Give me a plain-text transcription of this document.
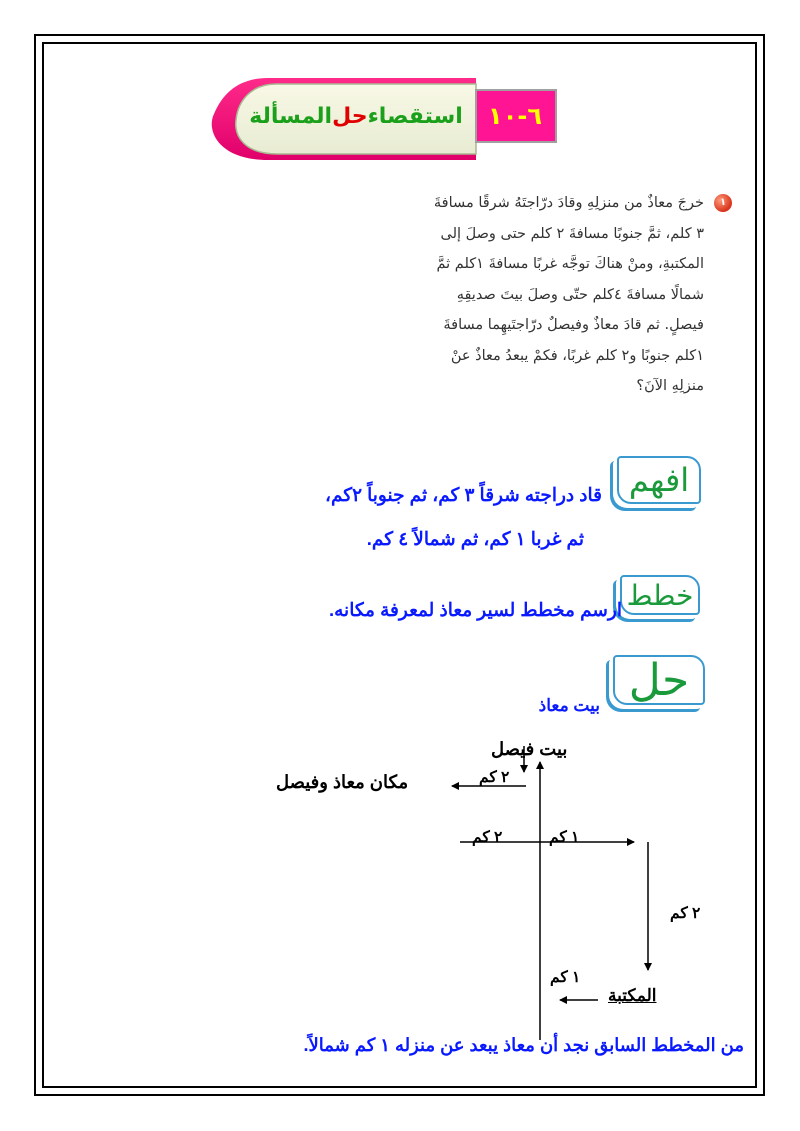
٦-١٠
استقصاء
حل
المسألة
١
خرجَ معاذٌ من منزلِهِ وقادَ درّاجتَهُ شرقًا مسافةَ
٣ كلم، ثمَّ جنوبًا مسافةَ ٢ كلم حتى وصلَ إلى
المكتبةِ، ومنْ هناكَ توجَّه غربًا مسافةَ ١كلم ثمَّ
شمالًا مسافةَ ٤كلم حتّى وصلَ بيتَ صديقِهِ
فيصلٍ. ثم قادَ معاذٌ وفيصلٌ درّاجتَيهِما مسافةَ
١كلم جنوبًا و٢ كلم غربًا، فكمْ يبعدُ معاذٌ عنْ
منزلِهِ الآنَ؟
افهم
قاد دراجته شرقاً ٣ كم، ثم جنوباً ٢كم،
ثم غربا ١ كم، ثم شمالاً ٤ كم.
خطط
ارسم مخطط لسير معاذ لمعرفة مكانه.
حل
بيت معاذ
بيت فيصل
٢ كم
مكان معاذ وفيصل
٢ كم	١ كم
٢ كم
١ كم
المكتبة
من المخطط السابق نجد أن معاذ يبعد عن منزله ١ كم شمالاً.
